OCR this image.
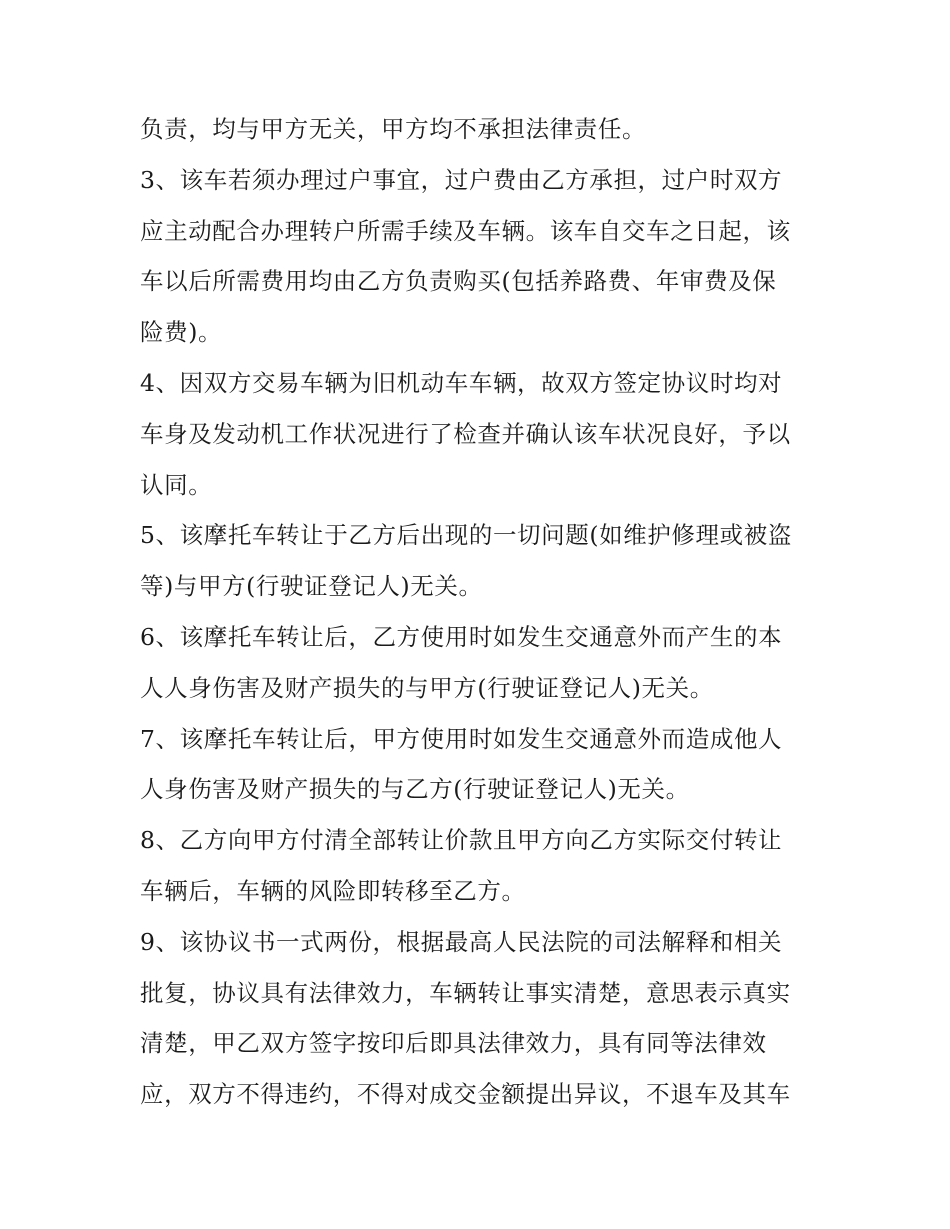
负责，均与甲方无关，甲方均不承担法律责任。
3、该车若须办理过户事宜，过户费由乙方承担，过户时双方
应主动配合办理转户所需手续及车辆。该车自交车之日起，该
车以后所需费用均由乙方负责购买(包括养路费、年审费及保
险费)。
4、因双方交易车辆为旧机动车车辆，故双方签定协议时均对
车身及发动机工作状况进行了检查并确认该车状况良好，予以
认同。
5、该摩托车转让于乙方后出现的一切问题(如维护修理或被盗
等)与甲方(行驶证登记人)无关。
6、该摩托车转让后，乙方使用时如发生交通意外而产生的本
人人身伤害及财产损失的与甲方(行驶证登记人)无关。
7、该摩托车转让后，甲方使用时如发生交通意外而造成他人
人身伤害及财产损失的与乙方(行驶证登记人)无关。
8、乙方向甲方付清全部转让价款且甲方向乙方实际交付转让
车辆后，车辆的风险即转移至乙方。
9、该协议书一式两份，根据最高人民法院的司法解释和相关
批复，协议具有法律效力，车辆转让事实清楚，意思表示真实
清楚，甲乙双方签字按印后即具法律效力，具有同等法律效
应，双方不得违约，不得对成交金额提出异议，不退车及其车
